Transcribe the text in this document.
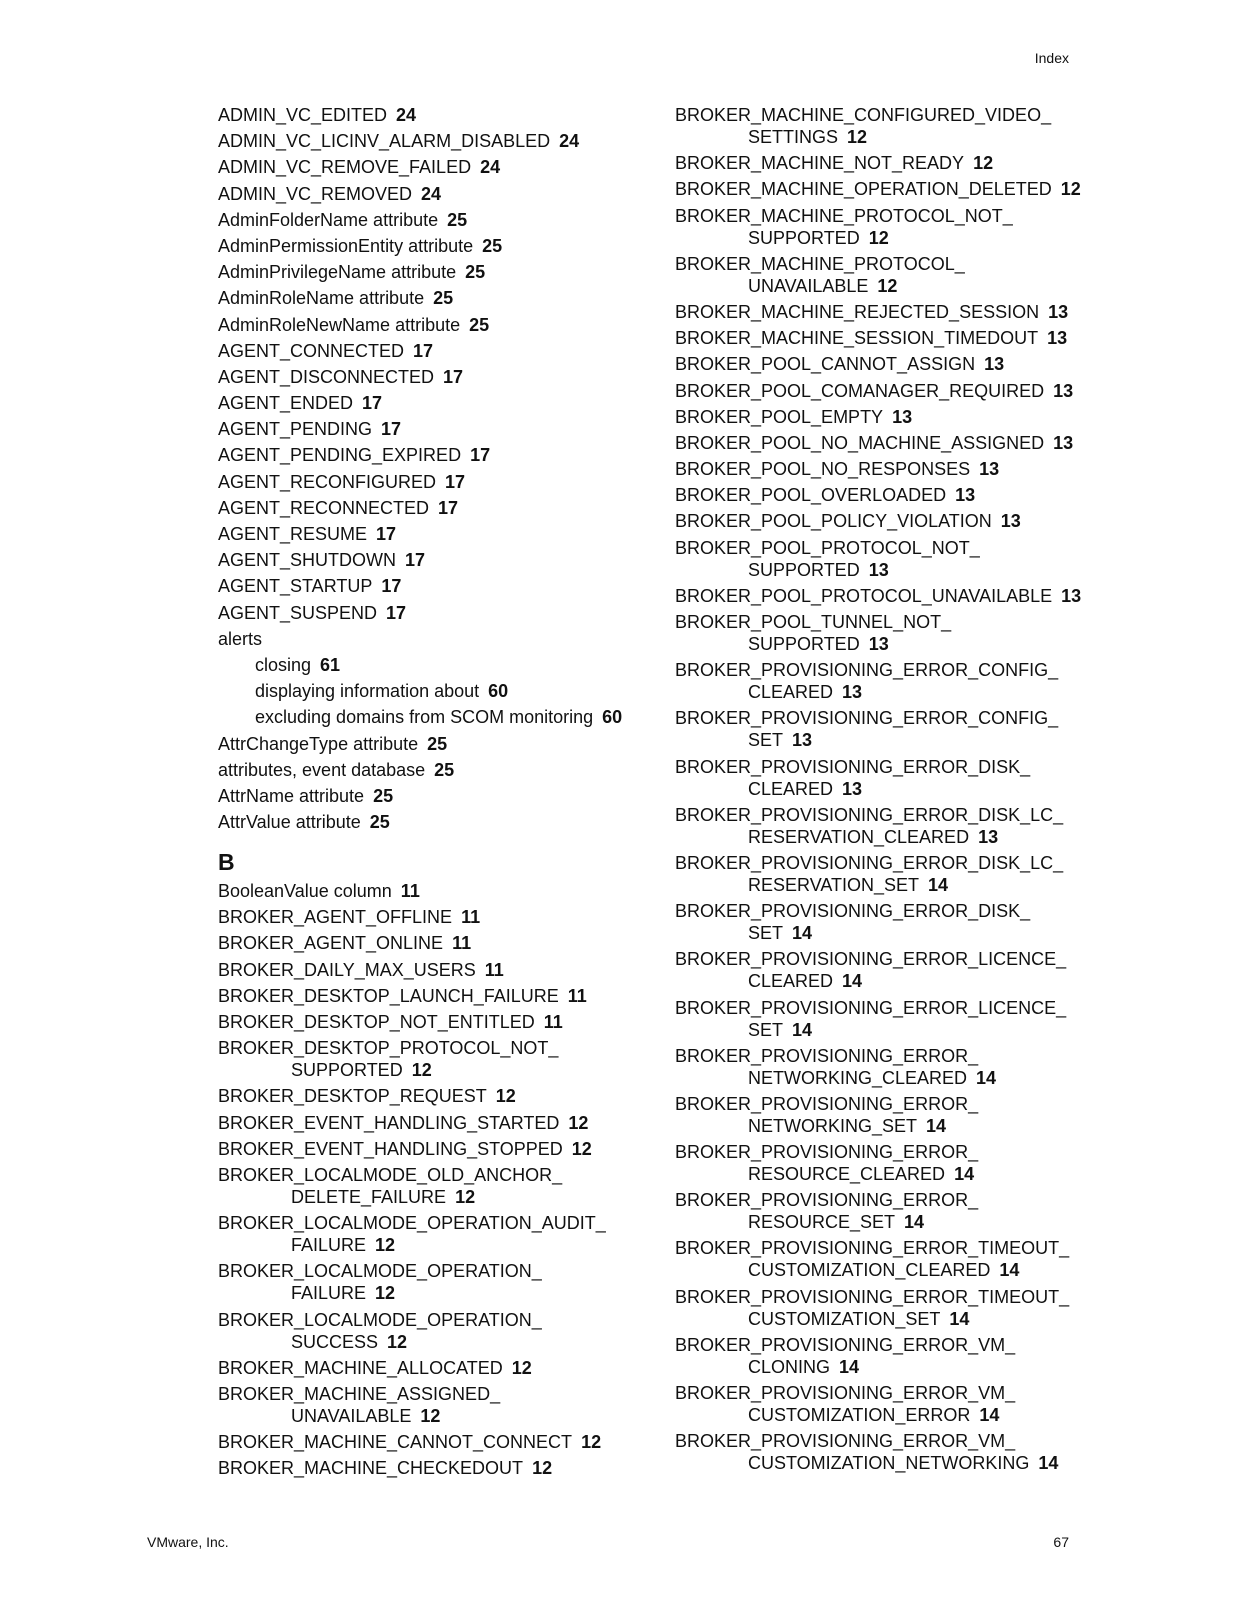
Index
ADMIN_VC_EDITED 24
ADMIN_VC_LICINV_ALARM_DISABLED 24
ADMIN_VC_REMOVE_FAILED 24
ADMIN_VC_REMOVED 24
AdminFolderName attribute 25
AdminPermissionEntity attribute 25
AdminPrivilegeName attribute 25
AdminRoleName attribute 25
AdminRoleNewName attribute 25
AGENT_CONNECTED 17
AGENT_DISCONNECTED 17
AGENT_ENDED 17
AGENT_PENDING 17
AGENT_PENDING_EXPIRED 17
AGENT_RECONFIGURED 17
AGENT_RECONNECTED 17
AGENT_RESUME 17
AGENT_SHUTDOWN 17
AGENT_STARTUP 17
AGENT_SUSPEND 17
alerts
closing 61
displaying information about 60
excluding domains from SCOM monitoring 60
AttrChangeType attribute 25
attributes, event database 25
AttrName attribute 25
AttrValue attribute 25
B
BooleanValue column 11
BROKER_AGENT_OFFLINE 11
BROKER_AGENT_ONLINE 11
BROKER_DAILY_MAX_USERS 11
BROKER_DESKTOP_LAUNCH_FAILURE 11
BROKER_DESKTOP_NOT_ENTITLED 11
BROKER_DESKTOP_PROTOCOL_NOT_
SUPPORTED 12
BROKER_DESKTOP_REQUEST 12
BROKER_EVENT_HANDLING_STARTED 12
BROKER_EVENT_HANDLING_STOPPED 12
BROKER_LOCALMODE_OLD_ANCHOR_
DELETE_FAILURE 12
BROKER_LOCALMODE_OPERATION_AUDIT_
FAILURE 12
BROKER_LOCALMODE_OPERATION_
FAILURE 12
BROKER_LOCALMODE_OPERATION_
SUCCESS 12
BROKER_MACHINE_ALLOCATED 12
BROKER_MACHINE_ASSIGNED_
UNAVAILABLE 12
BROKER_MACHINE_CANNOT_CONNECT 12
BROKER_MACHINE_CHECKEDOUT 12
BROKER_MACHINE_CONFIGURED_VIDEO_
SETTINGS 12
BROKER_MACHINE_NOT_READY 12
BROKER_MACHINE_OPERATION_DELETED 12
BROKER_MACHINE_PROTOCOL_NOT_
SUPPORTED 12
BROKER_MACHINE_PROTOCOL_
UNAVAILABLE 12
BROKER_MACHINE_REJECTED_SESSION 13
BROKER_MACHINE_SESSION_TIMEDOUT 13
BROKER_POOL_CANNOT_ASSIGN 13
BROKER_POOL_COMANAGER_REQUIRED 13
BROKER_POOL_EMPTY 13
BROKER_POOL_NO_MACHINE_ASSIGNED 13
BROKER_POOL_NO_RESPONSES 13
BROKER_POOL_OVERLOADED 13
BROKER_POOL_POLICY_VIOLATION 13
BROKER_POOL_PROTOCOL_NOT_
SUPPORTED 13
BROKER_POOL_PROTOCOL_UNAVAILABLE 13
BROKER_POOL_TUNNEL_NOT_
SUPPORTED 13
BROKER_PROVISIONING_ERROR_CONFIG_
CLEARED 13
BROKER_PROVISIONING_ERROR_CONFIG_
SET 13
BROKER_PROVISIONING_ERROR_DISK_
CLEARED 13
BROKER_PROVISIONING_ERROR_DISK_LC_
RESERVATION_CLEARED 13
BROKER_PROVISIONING_ERROR_DISK_LC_
RESERVATION_SET 14
BROKER_PROVISIONING_ERROR_DISK_
SET 14
BROKER_PROVISIONING_ERROR_LICENCE_
CLEARED 14
BROKER_PROVISIONING_ERROR_LICENCE_
SET 14
BROKER_PROVISIONING_ERROR_
NETWORKING_CLEARED 14
BROKER_PROVISIONING_ERROR_
NETWORKING_SET 14
BROKER_PROVISIONING_ERROR_
RESOURCE_CLEARED 14
BROKER_PROVISIONING_ERROR_
RESOURCE_SET 14
BROKER_PROVISIONING_ERROR_TIMEOUT_
CUSTOMIZATION_CLEARED 14
BROKER_PROVISIONING_ERROR_TIMEOUT_
CUSTOMIZATION_SET 14
BROKER_PROVISIONING_ERROR_VM_
CLONING 14
BROKER_PROVISIONING_ERROR_VM_
CUSTOMIZATION_ERROR 14
BROKER_PROVISIONING_ERROR_VM_
CUSTOMIZATION_NETWORKING 14
VMware, Inc.	67
